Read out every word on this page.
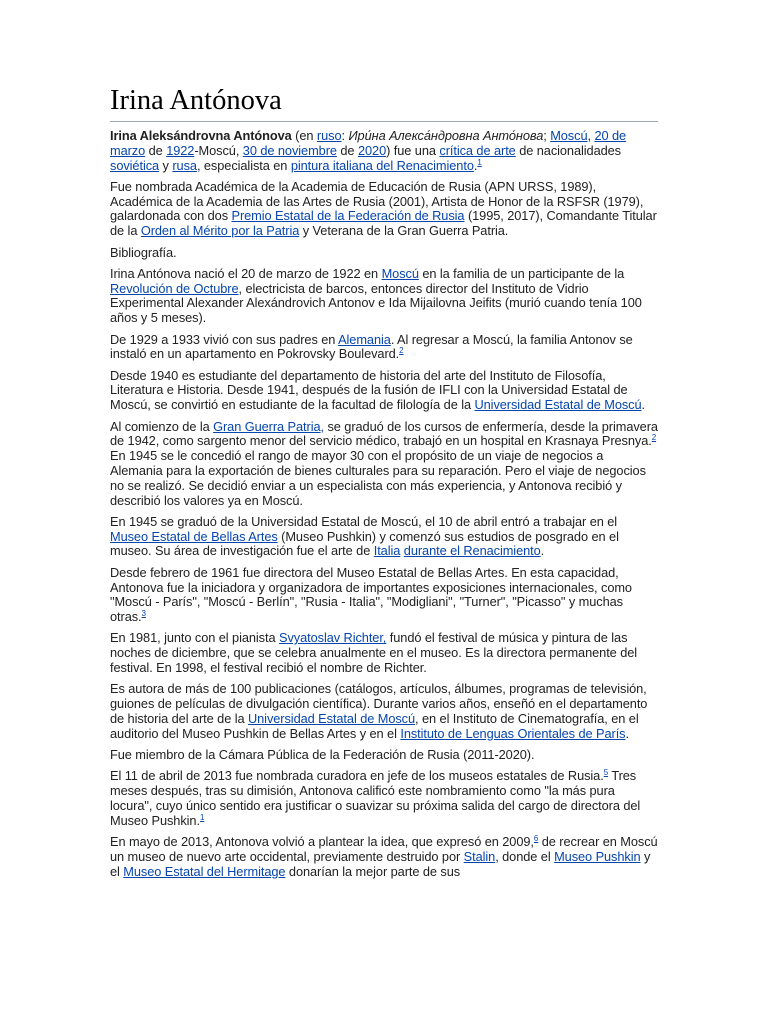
Irina Antónova

Irina Aleksándrovna Antónova (en ruso: Ири́на Алекса́ндровна Анто́нова; Moscú, 20 de marzo de 1922-Moscú, 30 de noviembre de 2020) fue una crítica de arte de nacionalidades soviética y rusa, especialista en pintura italiana del Renacimiento.$^1$

Fue nombrada Académica de la Academia de Educación de Rusia (APN URSS, 1989), Académica de la Academia de las Artes de Rusia (2001), Artista de Honor de la RSFSR (1979), galardonada con dos Premio Estatal de la Federación de Rusia (1995, 2017), Comandante Titular de la Orden al Mérito por la Patria y Veterana de la Gran Guerra Patria.

Bibliografía.

Irina Antónova nació el 20 de marzo de 1922 en Moscú en la familia de un participante de la Revolución de Octubre, electricista de barcos, entonces director del Instituto de Vidrio Experimental Alexander Alexándrovich Antonov e Ida Mijailovna Jeifits (murió cuando tenía 100 años y 5 meses).

De 1929 a 1933 vivió con sus padres en Alemania. Al regresar a Moscú, la familia Antonov se instaló en un apartamento en Pokrovsky Boulevard.$^2$

Desde 1940 es estudiante del departamento de historia del arte del Instituto de Filosofía, Literatura e Historia. Desde 1941, después de la fusión de IFLI con la Universidad Estatal de Moscú, se convirtió en estudiante de la facultad de filología de la Universidad Estatal de Moscú.

Al comienzo de la Gran Guerra Patria, se graduó de los cursos de enfermería, desde la primavera de 1942, como sargento menor del servicio médico, trabajó en un hospital en Krasnaya Presnya.$^2$ En 1945 se le concedió el rango de mayor 30 con el propósito de un viaje de negocios a Alemania para la exportación de bienes culturales para su reparación. Pero el viaje de negocios no se realizó. Se decidió enviar a un especialista con más experiencia, y Antonova recibió y describió los valores ya en Moscú.

En 1945 se graduó de la Universidad Estatal de Moscú, el 10 de abril entró a trabajar en el Museo Estatal de Bellas Artes (Museo Pushkin) y comenzó sus estudios de posgrado en el museo. Su área de investigación fue el arte de Italia durante el Renacimiento.

Desde febrero de 1961 fue directora del Museo Estatal de Bellas Artes. En esta capacidad, Antonova fue la iniciadora y organizadora de importantes exposiciones internacionales, como "Moscú - París", "Moscú - Berlín", "Rusia - Italia", "Modigliani", "Turner", "Picasso" y muchas otras.$^3$

En 1981, junto con el pianista Svyatoslav Richter, fundó el festival de música y pintura de las noches de diciembre, que se celebra anualmente en el museo. Es la directora permanente del festival. En 1998, el festival recibió el nombre de Richter.

Es autora de más de 100 publicaciones (catálogos, artículos, álbumes, programas de televisión, guiones de películas de divulgación científica). Durante varios años, enseñó en el departamento de historia del arte de la Universidad Estatal de Moscú, en el Instituto de Cinematografía, en el auditorio del Museo Pushkin de Bellas Artes y en el Instituto de Lenguas Orientales de París.

Fue miembro de la Cámara Pública de la Federación de Rusia (2011-2020).

El 11 de abril de 2013 fue nombrada curadora en jefe de los museos estatales de Rusia.$^5$ Tres meses después, tras su dimisión, Antonova calificó este nombramiento como "la más pura locura", cuyo único sentido era justificar o suavizar su próxima salida del cargo de directora del Museo Pushkin.$^1$

En mayo de 2013, Antonova volvió a plantear la idea, que expresó en 2009,$^6$ de recrear en Moscú un museo de nuevo arte occidental, previamente destruido por Stalin, donde el Museo Pushkin y el Museo Estatal del Hermitage donarían la mejor parte de sus
